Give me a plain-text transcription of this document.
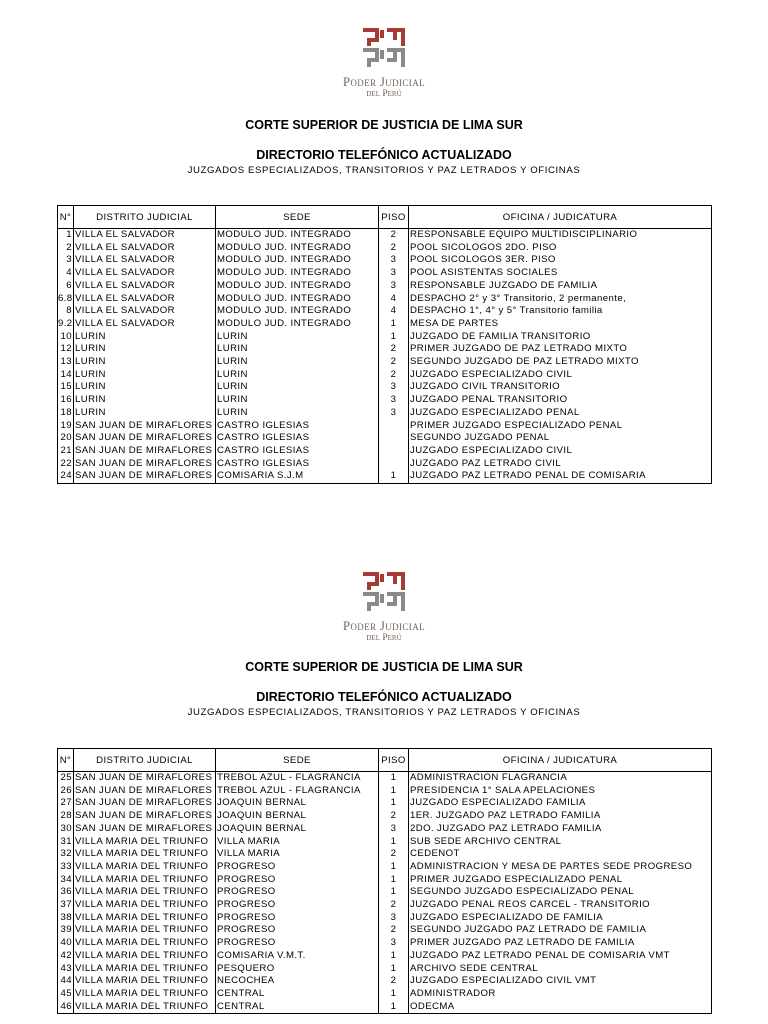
Poder Judicial
del Perú
CORTE SUPERIOR DE JUSTICIA DE LIMA SUR
DIRECTORIO TELEFÓNICO ACTUALIZADO
JUZGADOS ESPECIALIZADOS, TRANSITORIOS Y PAZ LETRADOS Y OFICINAS
N°	DISTRITO JUDICIAL	SEDE	PISO	OFICINA / JUDICATURA
1	VILLA EL SALVADOR	MODULO JUD. INTEGRADO	2	RESPONSABLE EQUIPO MULTIDISCIPLINARIO
2	VILLA EL SALVADOR	MODULO JUD. INTEGRADO	2	POOL SICOLOGOS 2DO. PISO
3	VILLA EL SALVADOR	MODULO JUD. INTEGRADO	3	POOL SICOLOGOS 3ER. PISO
4	VILLA EL SALVADOR	MODULO JUD. INTEGRADO	3	POOL ASISTENTAS SOCIALES
6	VILLA EL SALVADOR	MODULO JUD. INTEGRADO	3	RESPONSABLE JUZGADO DE FAMILIA
6.8	VILLA EL SALVADOR	MODULO JUD. INTEGRADO	4	DESPACHO 2° y 3° Transitorio, 2 permanente,
8	VILLA EL SALVADOR	MODULO JUD. INTEGRADO	4	DESPACHO 1°, 4° y 5° Transitorio familia
9.2	VILLA EL SALVADOR	MODULO JUD. INTEGRADO	1	MESA DE PARTES
10	LURIN	LURIN	1	JUZGADO DE FAMILIA TRANSITORIO
12	LURIN	LURIN	2	PRIMER JUZGADO DE PAZ LETRADO MIXTO
13	LURIN	LURIN	2	SEGUNDO JUZGADO DE PAZ LETRADO MIXTO
14	LURIN	LURIN	2	JUZGADO ESPECIALIZADO CIVIL
15	LURIN	LURIN	3	JUZGADO CIVIL TRANSITORIO
16	LURIN	LURIN	3	JUZGADO PENAL TRANSITORIO
18	LURIN	LURIN	3	JUZGADO ESPECIALIZADO PENAL
19	SAN JUAN DE MIRAFLORES	CASTRO IGLESIAS		PRIMER JUZGADO ESPECIALIZADO PENAL
20	SAN JUAN DE MIRAFLORES	CASTRO IGLESIAS		SEGUNDO JUZGADO PENAL
21	SAN JUAN DE MIRAFLORES	CASTRO IGLESIAS		JUZGADO ESPECIALIZADO CIVIL
22	SAN JUAN DE MIRAFLORES	CASTRO IGLESIAS		JUZGADO PAZ LETRADO CIVIL
24	SAN JUAN DE MIRAFLORES	COMISARIA S.J.M	1	JUZGADO PAZ LETRADO PENAL DE COMISARIA
Poder Judicial
del Perú
CORTE SUPERIOR DE JUSTICIA DE LIMA SUR
DIRECTORIO TELEFÓNICO ACTUALIZADO
JUZGADOS ESPECIALIZADOS, TRANSITORIOS Y PAZ LETRADOS Y OFICINAS
N°	DISTRITO JUDICIAL	SEDE	PISO	OFICINA / JUDICATURA
25	SAN JUAN DE MIRAFLORES	TREBOL AZUL - FLAGRANCIA	1	ADMINISTRACION FLAGRANCIA
26	SAN JUAN DE MIRAFLORES	TREBOL AZUL - FLAGRANCIA	1	PRESIDENCIA 1° SALA APELACIONES
27	SAN JUAN DE MIRAFLORES	JOAQUIN BERNAL	1	JUZGADO ESPECIALIZADO FAMILIA
28	SAN JUAN DE MIRAFLORES	JOAQUIN BERNAL	2	1ER. JUZGADO PAZ LETRADO FAMILIA
30	SAN JUAN DE MIRAFLORES	JOAQUIN BERNAL	3	2DO. JUZGADO PAZ LETRADO FAMILIA
31	VILLA MARIA DEL TRIUNFO	VILLA MARIA	1	SUB SEDE ARCHIVO CENTRAL
32	VILLA MARIA DEL TRIUNFO	VILLA MARIA	2	CEDENOT
33	VILLA MARIA DEL TRIUNFO	PROGRESO	1	ADMINISTRACION Y MESA DE PARTES SEDE PROGRESO
34	VILLA MARIA DEL TRIUNFO	PROGRESO	1	PRIMER JUZGADO ESPECIALIZADO PENAL
36	VILLA MARIA DEL TRIUNFO	PROGRESO	1	SEGUNDO JUZGADO ESPECIALIZADO PENAL
37	VILLA MARIA DEL TRIUNFO	PROGRESO	2	JUZGADO PENAL REOS CARCEL - TRANSITORIO
38	VILLA MARIA DEL TRIUNFO	PROGRESO	3	JUZGADO ESPECIALIZADO DE FAMILIA
39	VILLA MARIA DEL TRIUNFO	PROGRESO	2	SEGUNDO JUZGADO PAZ LETRADO DE FAMILIA
40	VILLA MARIA DEL TRIUNFO	PROGRESO	3	PRIMER JUZGADO PAZ LETRADO DE FAMILIA
42	VILLA MARIA DEL TRIUNFO	COMISARIA V.M.T.	1	JUZGADO PAZ LETRADO PENAL DE COMISARIA VMT
43	VILLA MARIA DEL TRIUNFO	PESQUERO	1	ARCHIVO SEDE CENTRAL
44	VILLA MARIA DEL TRIUNFO	NECOCHEA	2	JUZGADO ESPECIALIZADO CIVIL VMT
45	VILLA MARIA DEL TRIUNFO	CENTRAL	1	ADMINISTRADOR
46	VILLA MARIA DEL TRIUNFO	CENTRAL	1	ODECMA
